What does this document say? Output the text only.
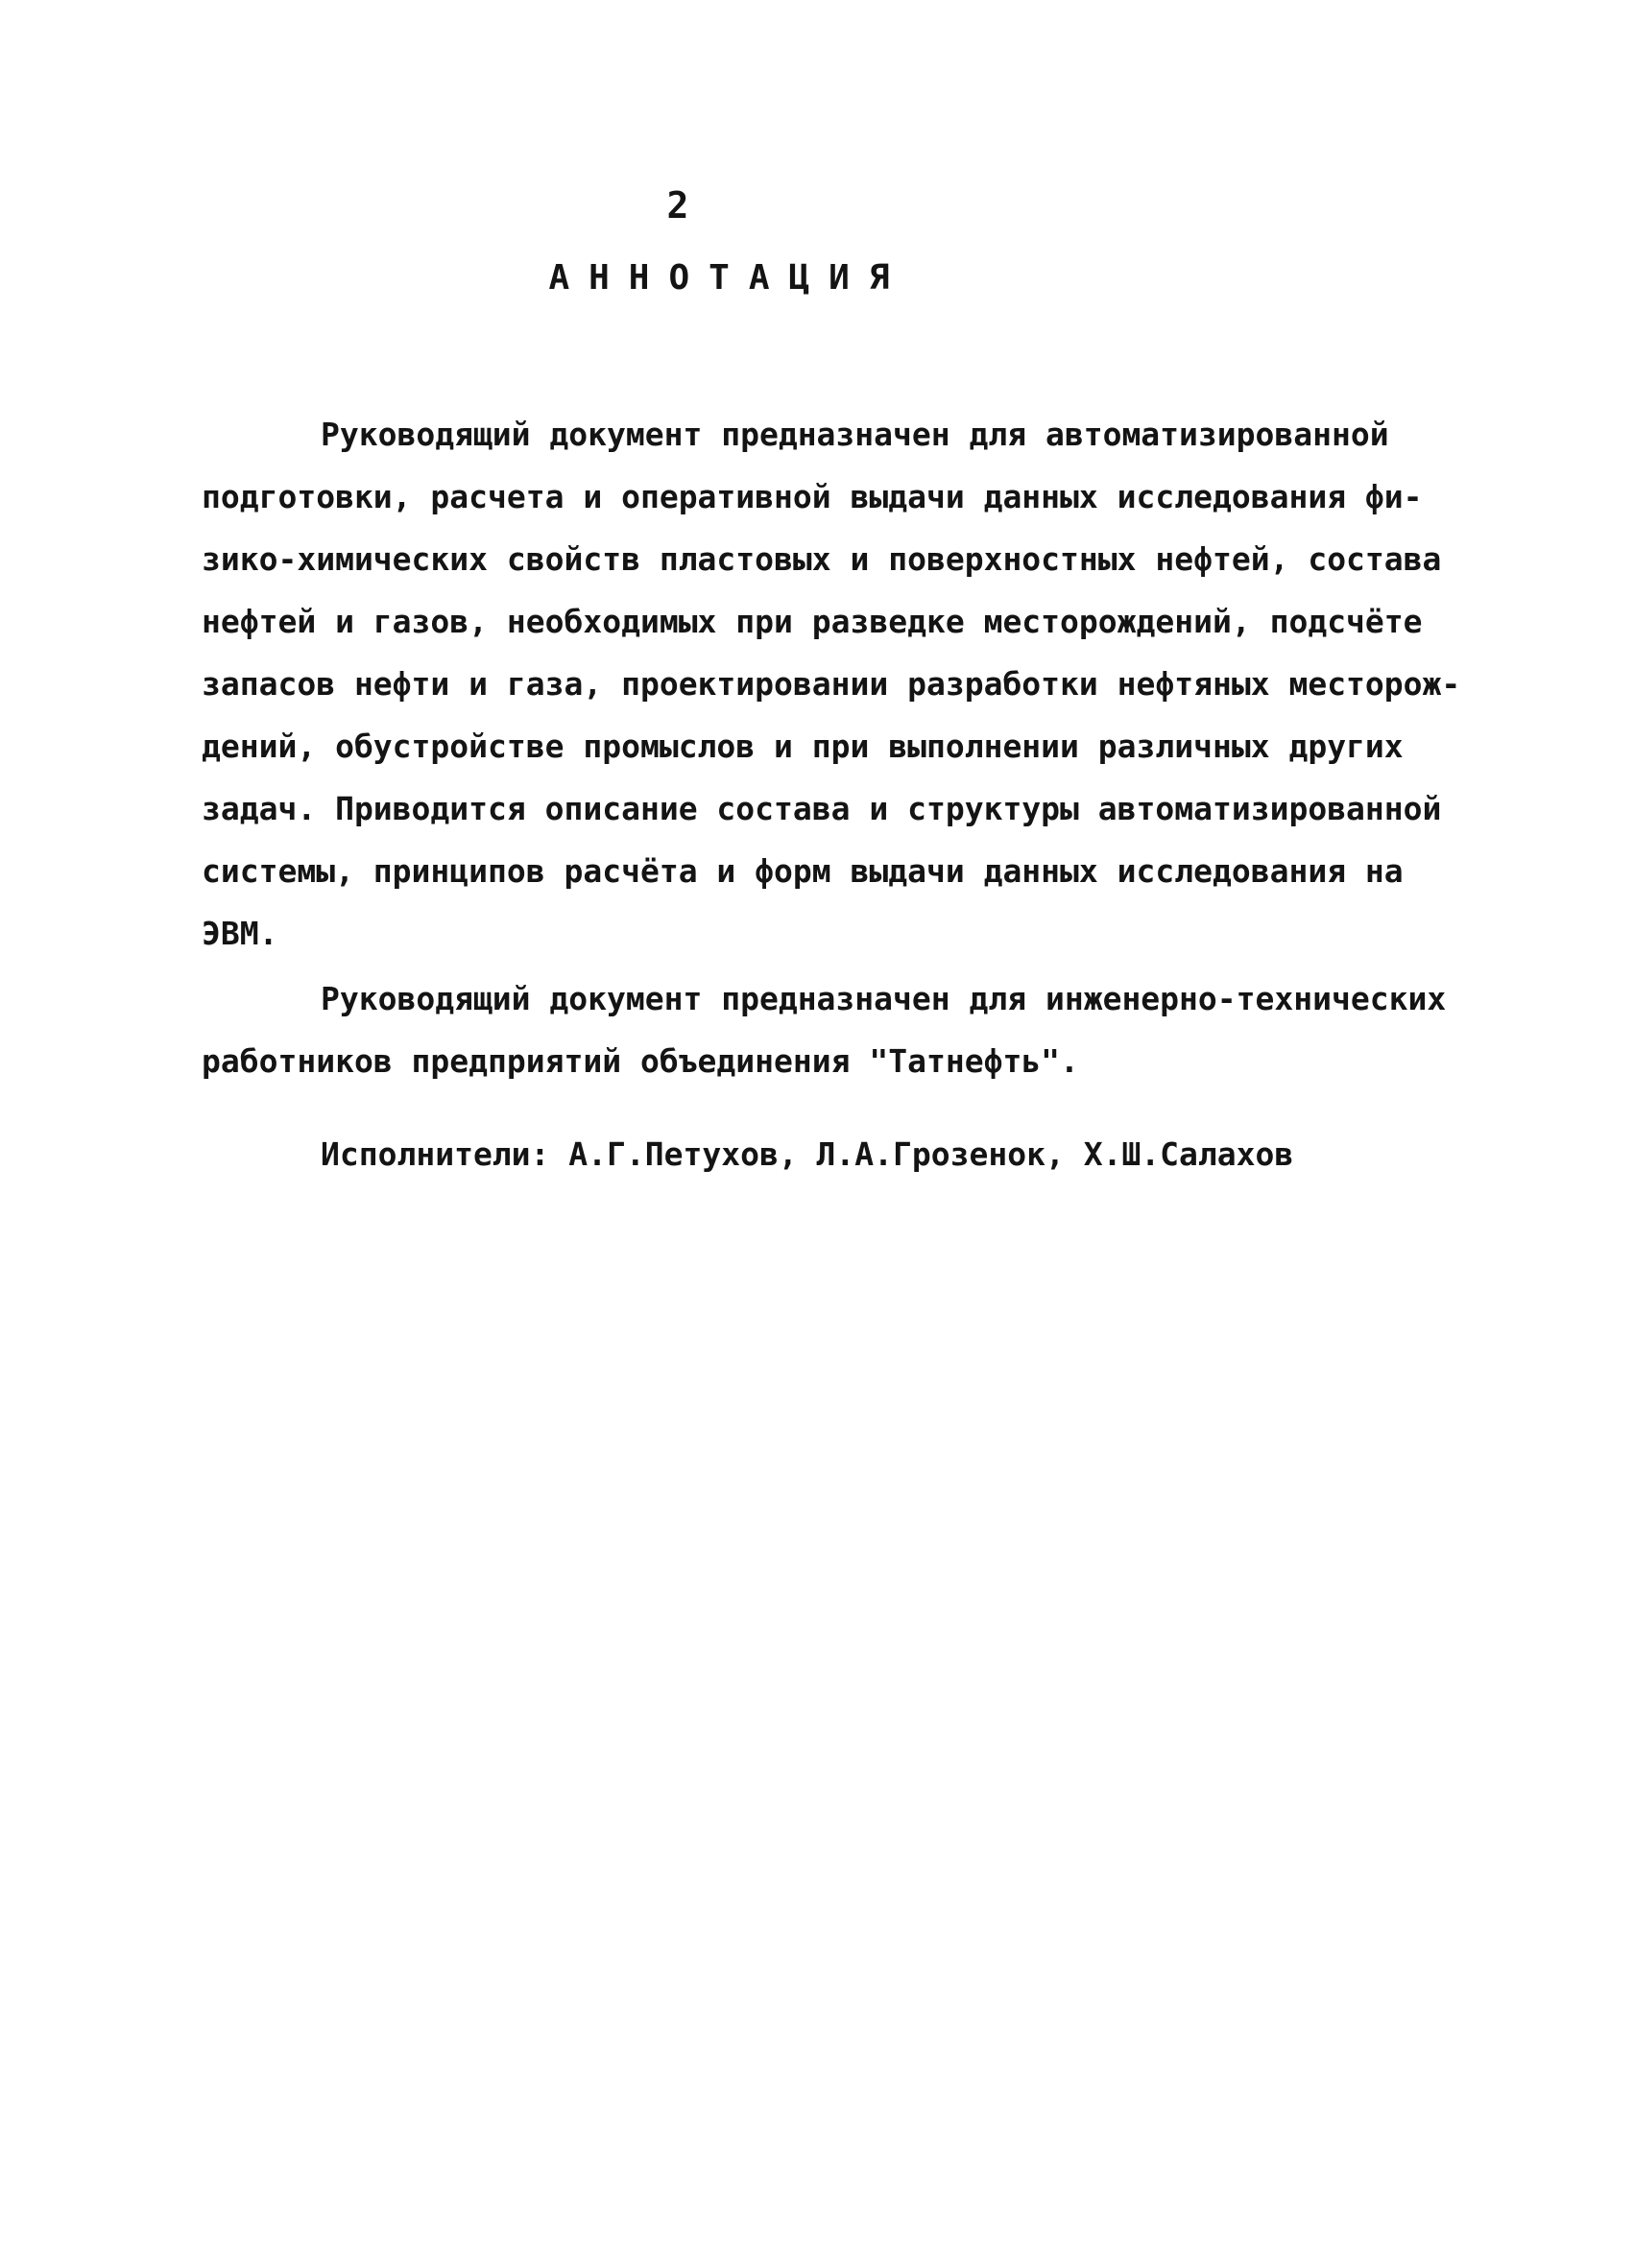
2
АННОТАЦИЯ
Руководящий документ предназначен для автоматизированной
подготовки, расчета и оперативной выдачи данных исследования фи-
зико-химических свойств пластовых и поверхностных нефтей, состава
нефтей и газов, необходимых при разведке месторождений, подсчёте
запасов нефти и газа, проектировании разработки нефтяных месторож-
дений, обустройстве промыслов и при выполнении различных других
задач. Приводится описание состава и структуры автоматизированной
системы, принципов расчёта и форм выдачи данных исследования на
ЭВМ.
Руководящий документ предназначен для инженерно-технических
работников предприятий объединения "Татнефть".
Исполнители: А.Г.Петухов, Л.А.Грозенок, Х.Ш.Салахов
